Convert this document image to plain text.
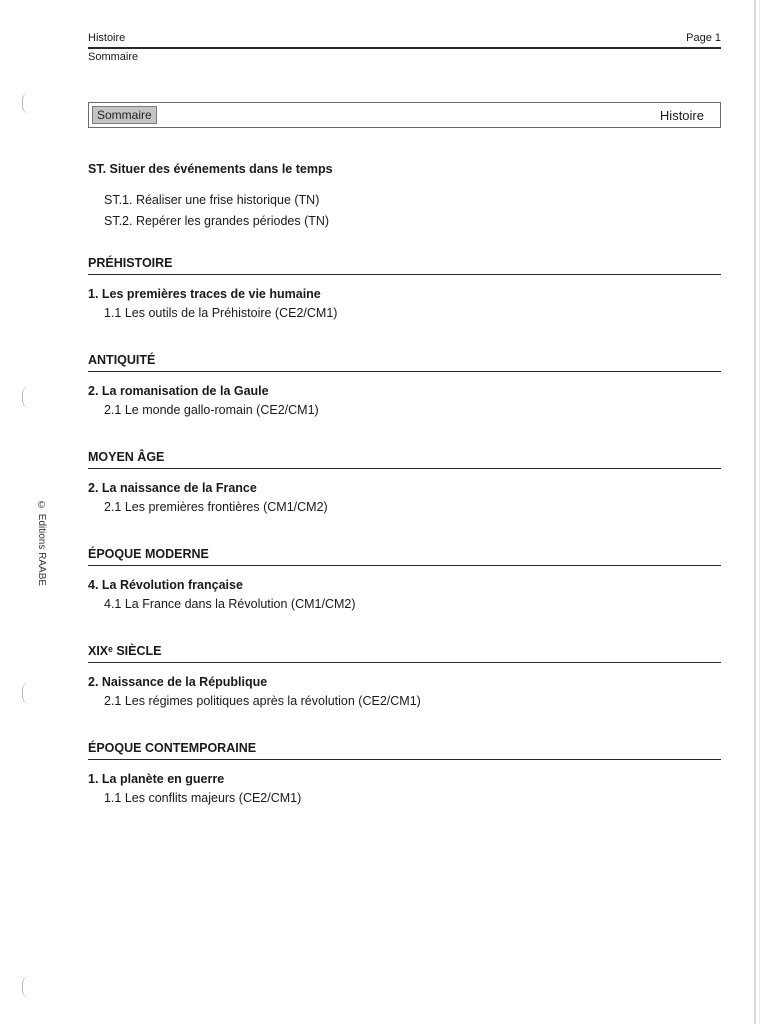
Histoire	Page 1
Sommaire
Sommaire	Histoire
ST. Situer des événements dans le temps
ST.1. Réaliser une frise historique (TN)
ST.2. Repérer les grandes périodes (TN)
PRÉHISTOIRE
1. Les premières traces de vie humaine
1.1 Les outils de la Préhistoire (CE2/CM1)
ANTIQUITÉ
2. La romanisation de la Gaule
2.1 Le monde gallo-romain (CE2/CM1)
MOYEN ÂGE
2. La naissance de la France
2.1 Les premières frontières (CM1/CM2)
ÉPOQUE MODERNE
4. La Révolution française
4.1 La France dans la Révolution (CM1/CM2)
XIXᵉ SIÈCLE
2. Naissance de la République
2.1 Les régimes politiques après la révolution (CE2/CM1)
ÉPOQUE CONTEMPORAINE
1. La planète en guerre
1.1 Les conflits majeurs (CE2/CM1)
© Editions RAABE
